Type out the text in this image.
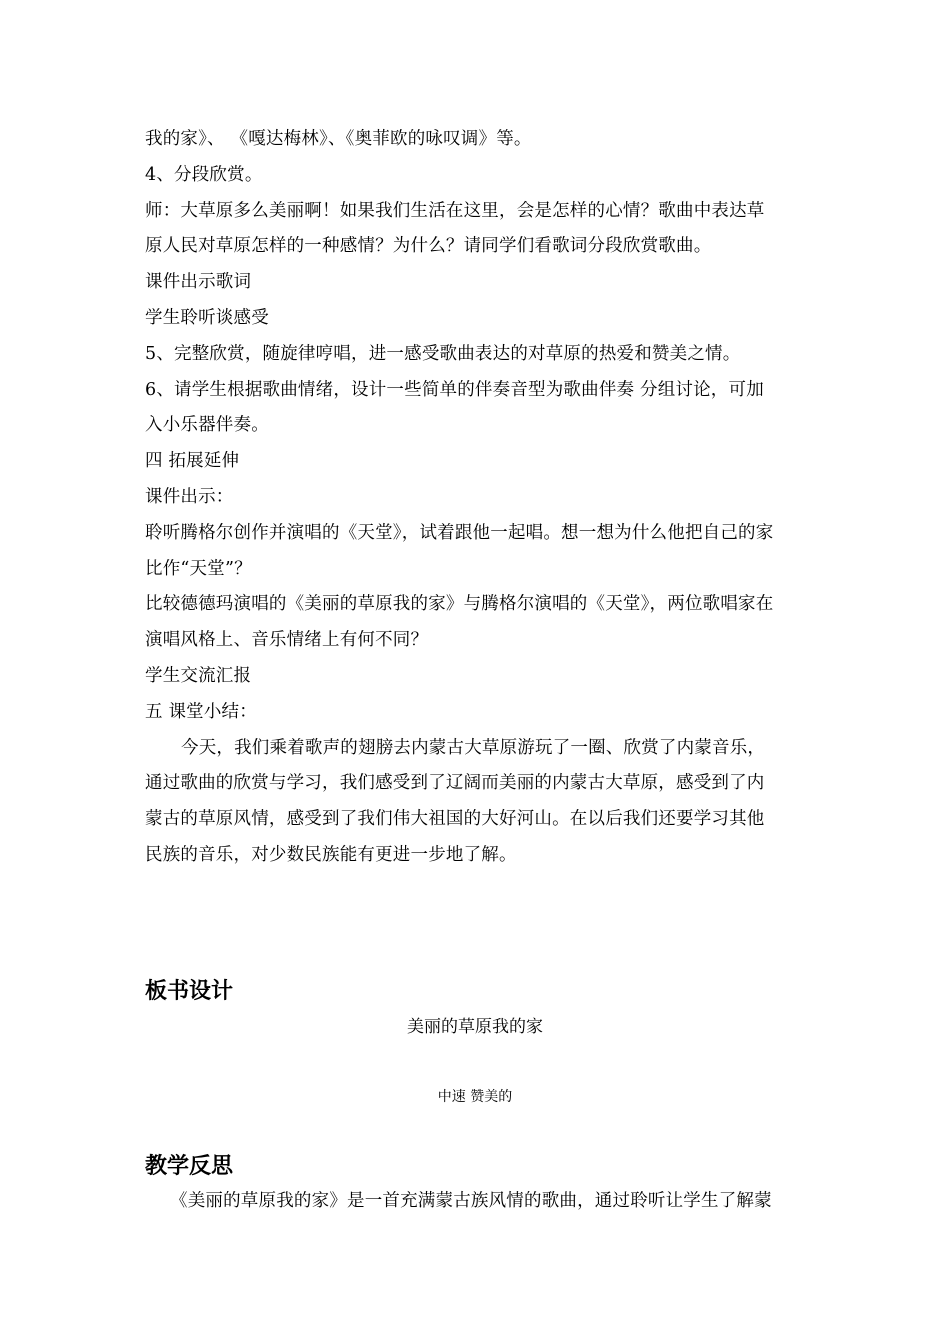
我的家》、 《嘎达梅林》、《奥菲欧的咏叹调》等。
4、分段欣赏。
师：大草原多么美丽啊！如果我们生活在这里，会是怎样的心情？歌曲中表达草
原人民对草原怎样的一种感情？为什么？请同学们看歌词分段欣赏歌曲。
课件出示歌词
学生聆听谈感受
5、完整欣赏，随旋律哼唱，进一感受歌曲表达的对草原的热爱和赞美之情。
6、请学生根据歌曲情绪，设计一些简单的伴奏音型为歌曲伴奏 分组讨论，可加
入小乐器伴奏。
四 拓展延伸
课件出示：
聆听腾格尔创作并演唱的《天堂》，试着跟他一起唱。想一想为什么他把自己的家
比作“天堂”？
比较德德玛演唱的《美丽的草原我的家》与腾格尔演唱的《天堂》，两位歌唱家在
演唱风格上、音乐情绪上有何不同？
学生交流汇报
五 课堂小结：
今天，我们乘着歌声的翅膀去内蒙古大草原游玩了一圈、欣赏了内蒙音乐，
通过歌曲的欣赏与学习，我们感受到了辽阔而美丽的内蒙古大草原，感受到了内
蒙古的草原风情，感受到了我们伟大祖国的大好河山。在以后我们还要学习其他
民族的音乐，对少数民族能有更进一步地了解。
板书设计
美丽的草原我的家
中速 赞美的
教学反思
《美丽的草原我的家》是一首充满蒙古族风情的歌曲，通过聆听让学生了解蒙
